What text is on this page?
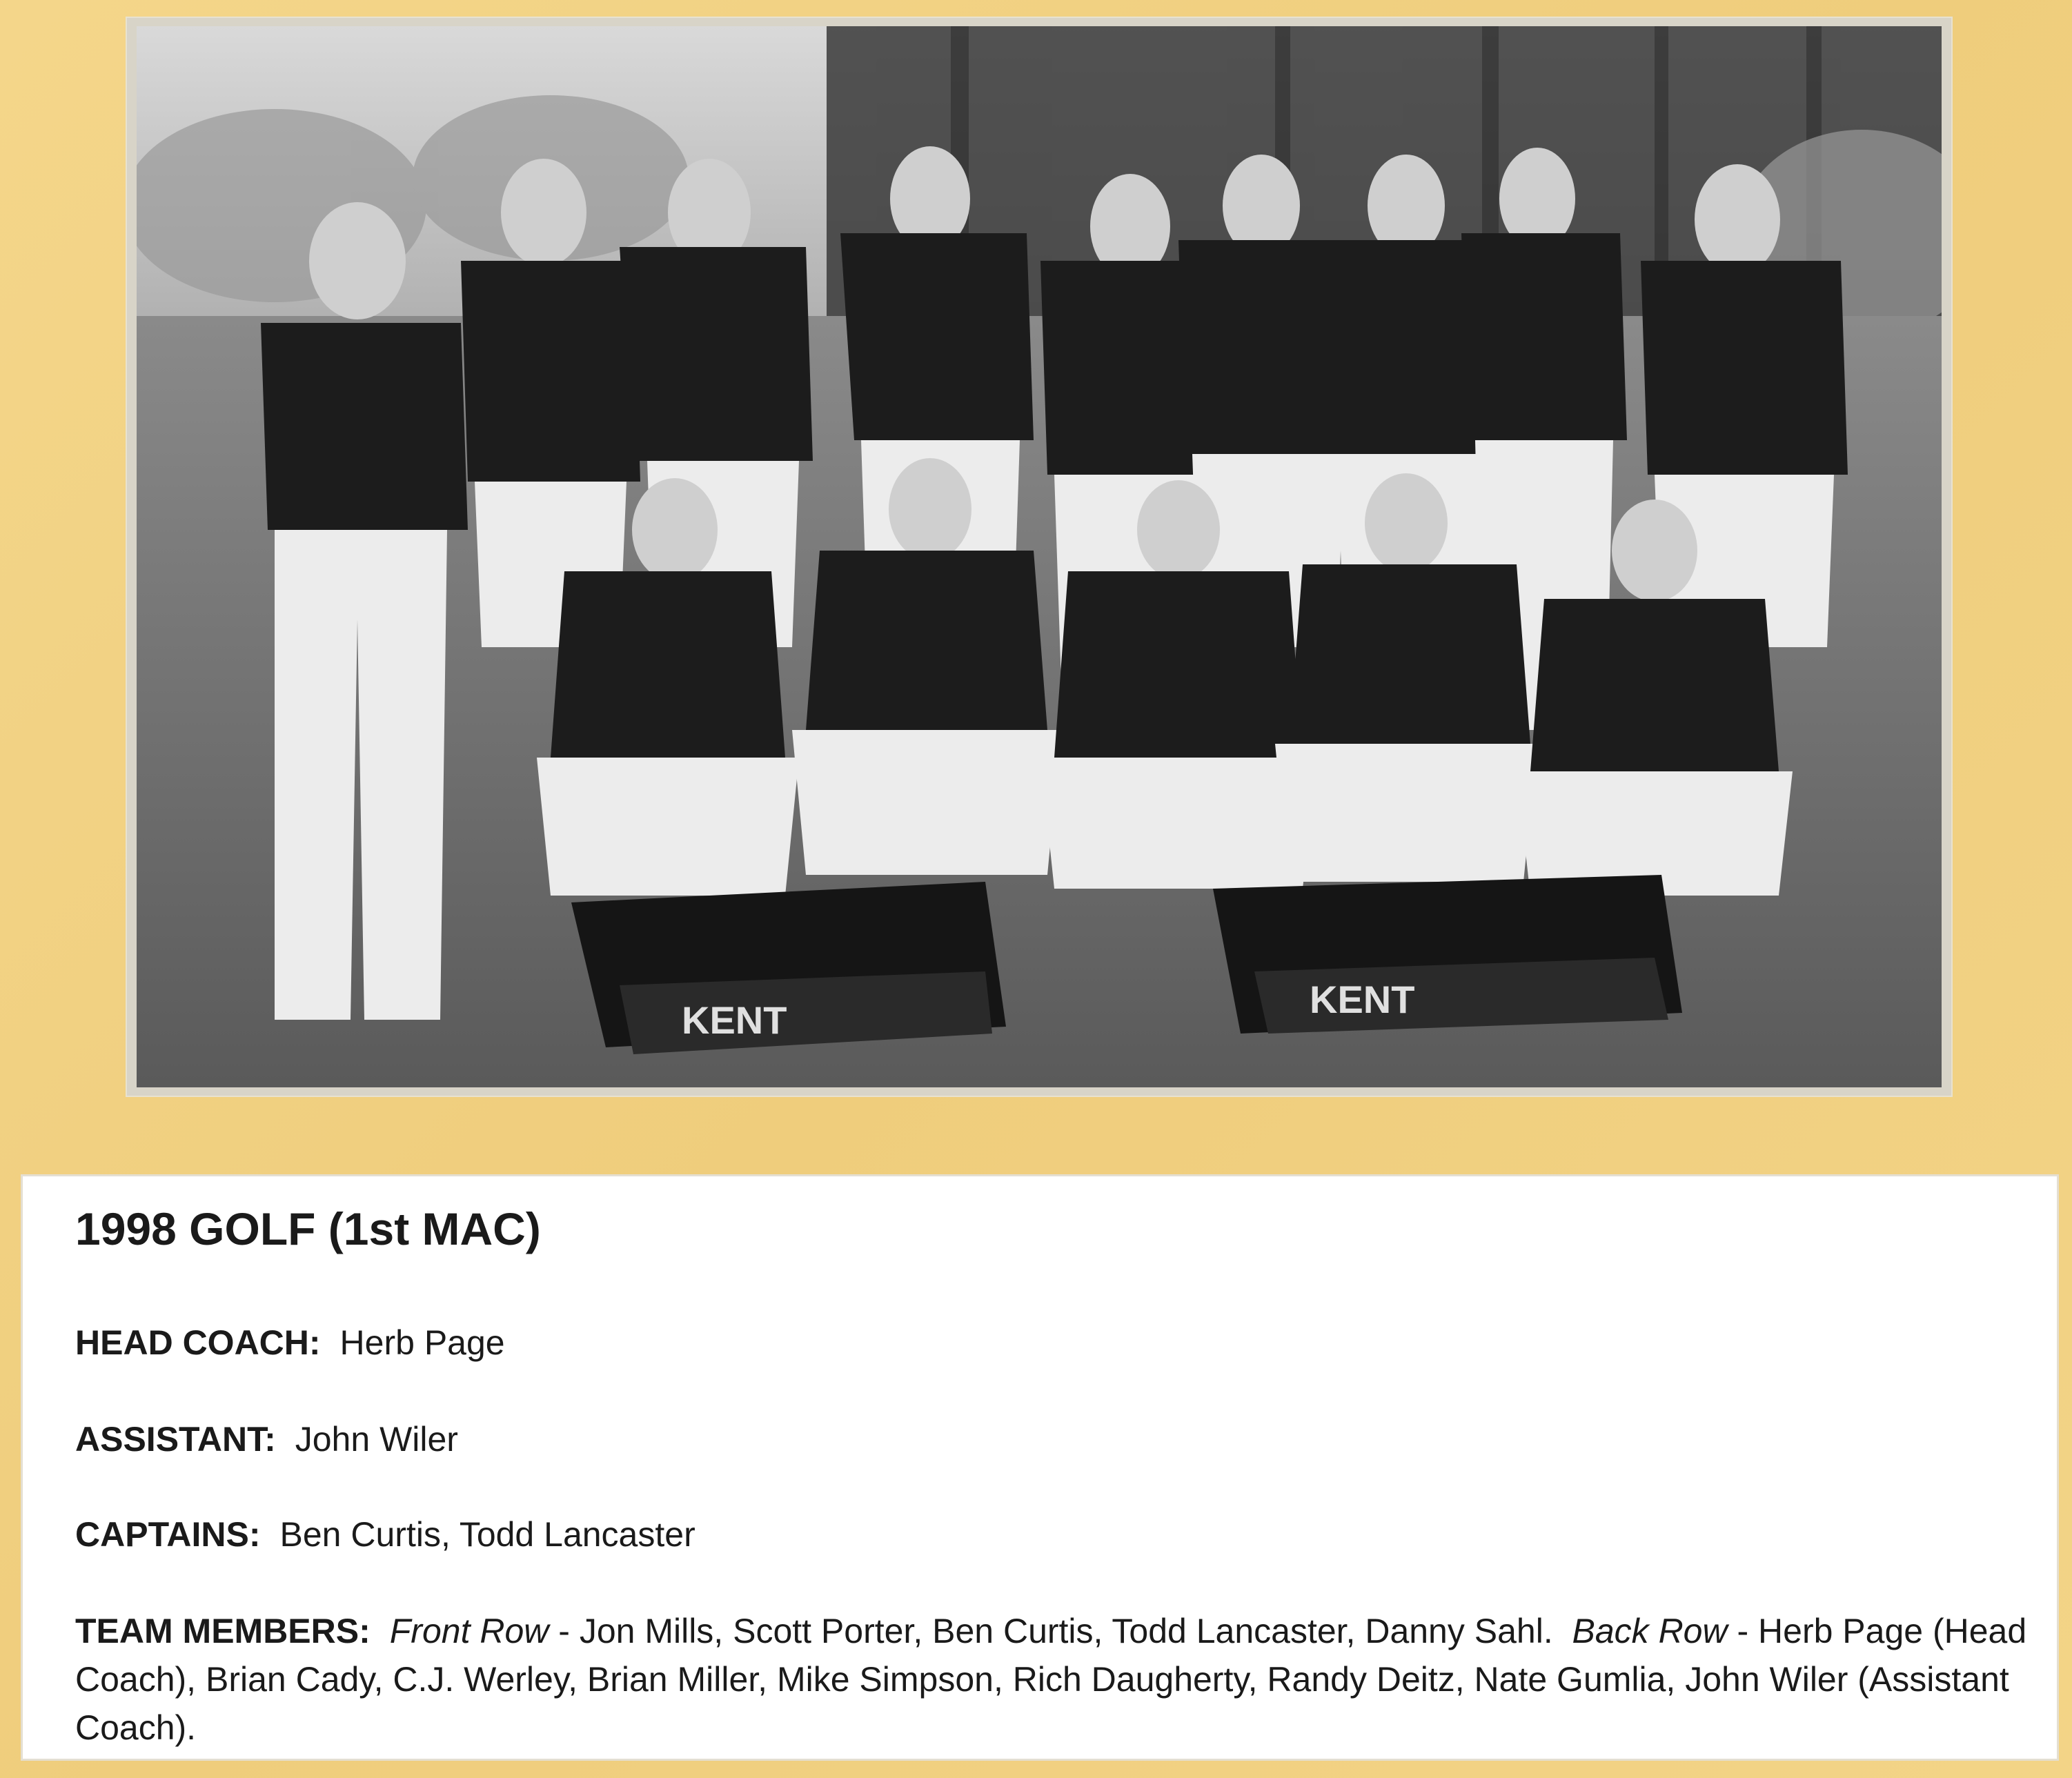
KENT	KENT
1998 GOLF (1st MAC)
HEAD COACH: Herb Page
ASSISTANT: John Wiler
CAPTAINS: Ben Curtis, Todd Lancaster
TEAM MEMBERS: Front Row - Jon Mills, Scott Porter, Ben Curtis, Todd Lancaster, Danny Sahl. Back Row - Herb Page (Head Coach), Brian Cady, C.J. Werley, Brian Miller, Mike Simpson, Rich Daugherty, Randy Deitz, Nate Gumlia, John Wiler (Assistant Coach).
